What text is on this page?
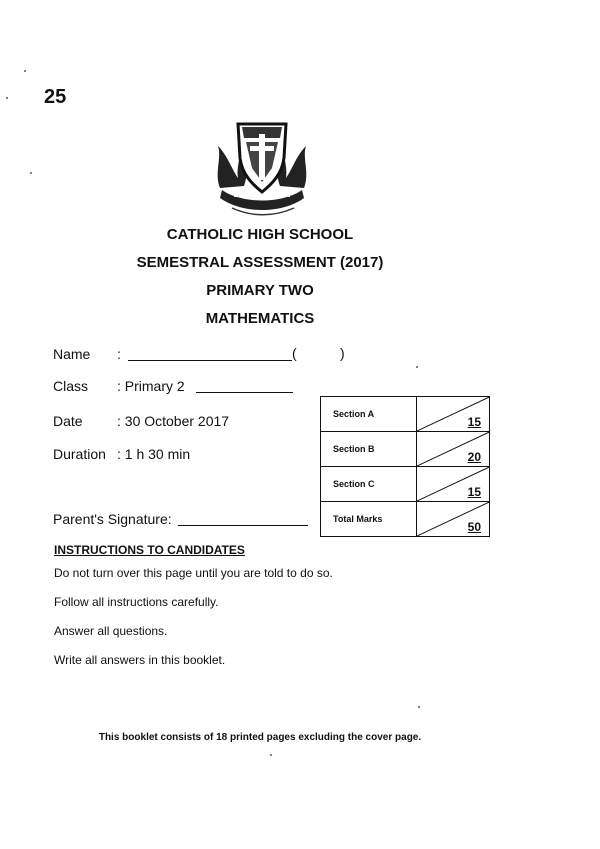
25
CATHOLIC HIGH SCHOOL
SEMESTRAL ASSESSMENT (2017)
PRIMARY TWO
MATHEMATICS
Name :	(	)
Class : Primary 2
Date : 30 October 2017
Duration : 1 h 30 min
Parent's Signature:
Section A	15

Section B	20

Section C	15

Total Marks	50
INSTRUCTIONS TO CANDIDATES
Do not turn over this page until you are told to do so.
Follow all instructions carefully.
Answer all questions.
Write all answers in this booklet.
This booklet consists of 18 printed pages excluding the cover page.
